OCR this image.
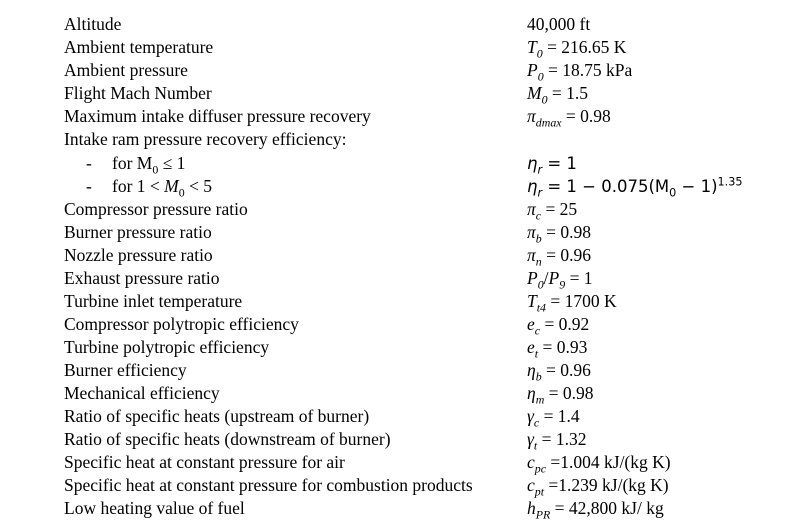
Altitude	40,000 ft
Ambient temperature	$T_0 = 216.65$ K
Ambient pressure	$P_0 = 18.75$ kPa
Flight Mach Number	$M_0 = 1.5$
Maximum intake diffuser pressure recovery	$\pi_{dmax} = 0.98$
Intake ram pressure recovery efficiency:
- for $M_0 \le 1$	$\eta_r = 1$
- for $1 < M_0 < 5$	$\eta_r = 1 - 0.075(M_0 - 1)^{1.35}$
Compressor pressure ratio	$\pi_c = 25$
Burner pressure ratio	$\pi_b = 0.98$
Nozzle pressure ratio	$\pi_n = 0.96$
Exhaust pressure ratio	$P_0/P_9 = 1$
Turbine inlet temperature	$T_{t4} = 1700$ K
Compressor polytropic efficiency	$e_c = 0.92$
Turbine polytropic efficiency	$e_t = 0.93$
Burner efficiency	$\eta_b = 0.96$
Mechanical efficiency	$\eta_m = 0.98$
Ratio of specific heats (upstream of burner)	$\gamma_c = 1.4$
Ratio of specific heats (downstream of burner)	$\gamma_t = 1.32$
Specific heat at constant pressure for air	$c_{pc} =1.004$ kJ/(kg K)
Specific heat at constant pressure for combustion products	$c_{pt} =1.239$ kJ/(kg K)
Low heating value of fuel	$h_{PR} = 42,800$ kJ/ kg
